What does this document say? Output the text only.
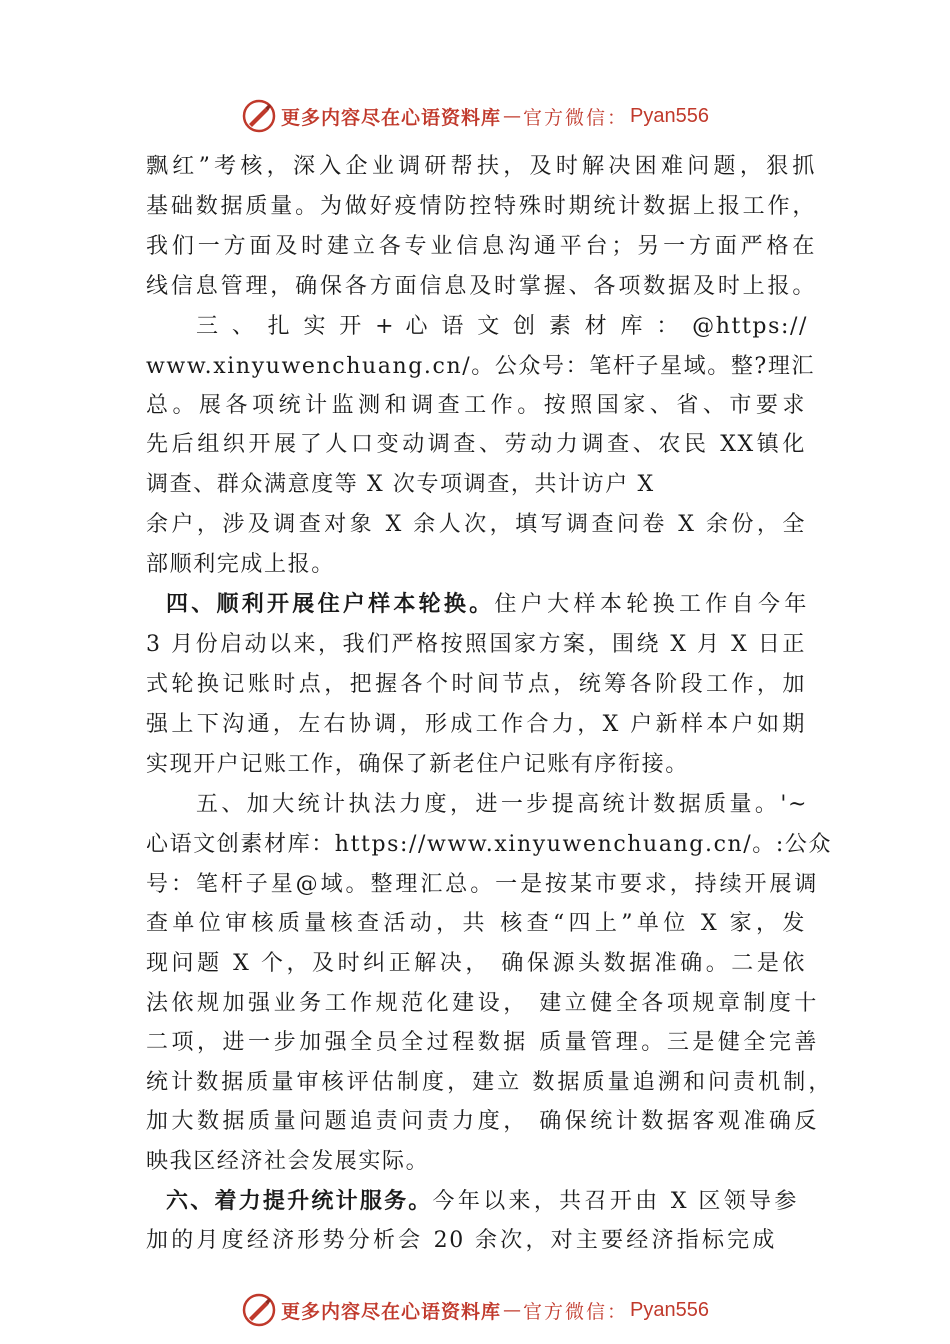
更多内容尽在心语资料库 — 官方微信： Pyan556
飘红”考核，深入企业调研帮扶，及时解决困难问题，狠抓
基础数据质量。为做好疫情防控特殊时期统计数据上报工作，
我们一方面及时建立各专业信息沟通平台；另一方面严格在
线信息管理，确保各方面信息及时掌握、各项数据及时上报。
三 、 扎 实 开 + 心 语 文 创 素 材 库 ： @https://
www.xinyuwenchuang.cn/。公众号：笔杆子星域。整?理汇
总。展各项统计监测和调查工作。按照国家、省、市要求
先后组织开展了人口变动调查、劳动力调查、农民 XX镇化
调查、群众满意度等 X 次专项调查，共计访户 X
余户，涉及调查对象 X 余人次，填写调查问卷 X 余份，全
部顺利完成上报。
四、顺利开展住户样本轮换。住户大样本轮换工作自今年
3 月份启动以来，我们严格按照国家方案，围绕 X 月 X 日正
式轮换记账时点，把握各个时间节点，统筹各阶段工作，加
强上下沟通，左右协调，形成工作合力，X 户新样本户如期
实现开户记账工作，确保了新老住户记账有序衔接。
五、加大统计执法力度，进一步提高统计数据质量。'~
心语文创素材库：https://www.xinyuwenchuang.cn/。:公众
号：笔杆子星@域。整理汇总。一是按某市要求，持续开展调
查单位审核质量核查活动，共 核查“四上”单位 X 家，发
现问题 X 个，及时纠正解决， 确保源头数据准确。二是依
法依规加强业务工作规范化建设， 建立健全各项规章制度十
二项，进一步加强全员全过程数据 质量管理。三是健全完善
统计数据质量审核评估制度，建立 数据质量追溯和问责机制，
加大数据质量问题追责问责力度， 确保统计数据客观准确反
映我区经济社会发展实际。
六、着力提升统计服务。今年以来，共召开由 X 区领导参
加的月度经济形势分析会 20 余次，对主要经济指标完成
更多内容尽在心语资料库 — 官方微信： Pyan556
